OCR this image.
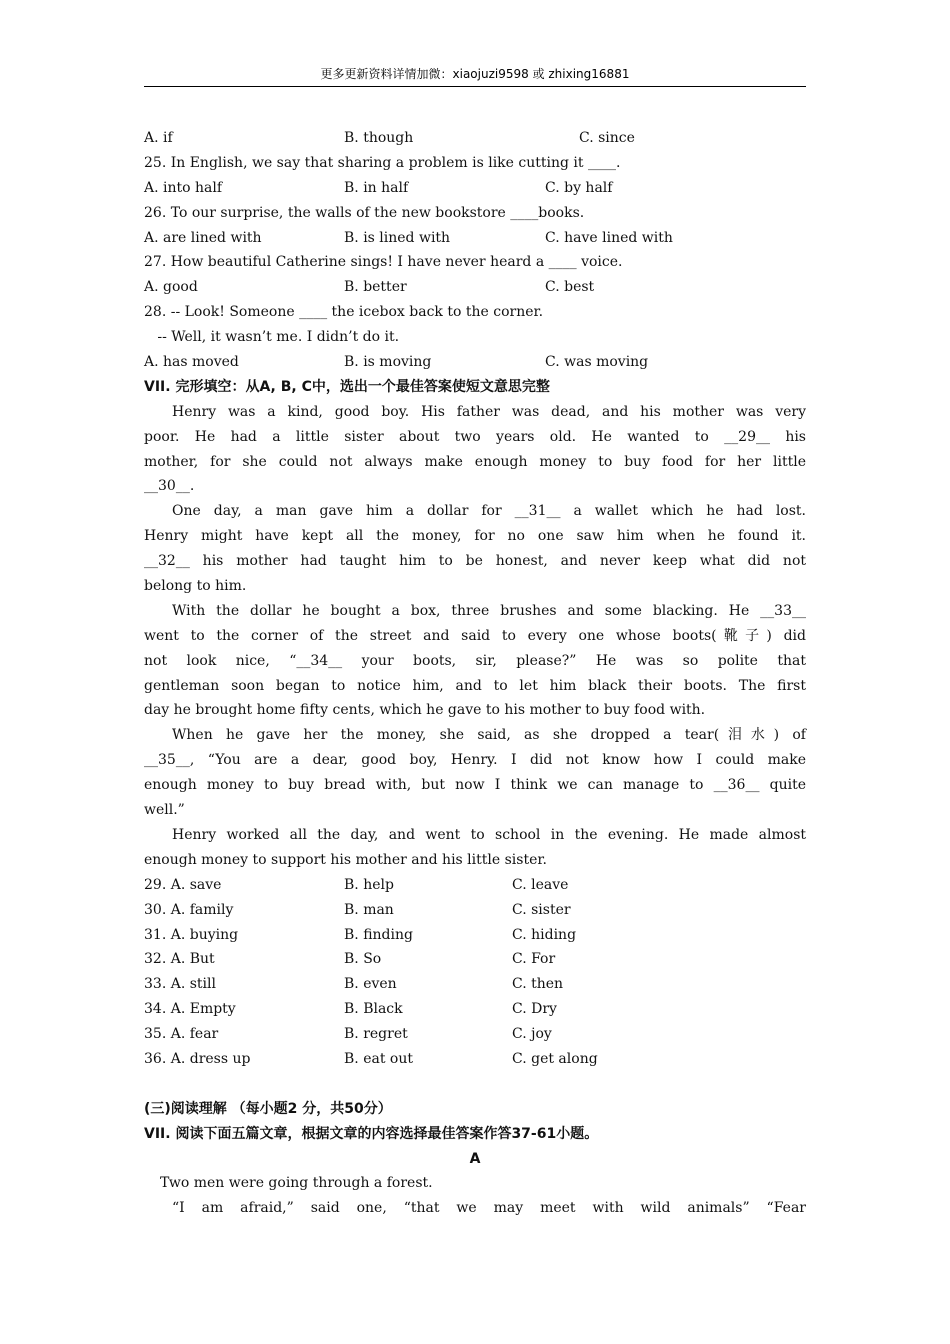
更多更新资料详情加微：xiaojuzi9598 或 zhixing16881

A. if

	B. though

	C. since

25. In English, we say that sharing a problem is like cutting it ____.

A. into half

	B. in half

	C. by half

26. To our surprise, the walls of the new bookstore ____books.

A. are lined with

	B. is lined with

	C. have lined with

27. How beautiful Catherine sings! I have never heard a ____ voice.

A. good

	B. better

	C. best

28. -- Look! Someone ____ the icebox back to the corner.
-- Well, it wasn’t me. I didn’t do it.

A. has moved

	B. is moving

	C. was moving

VII. 完形填空：从A, B, C中，选出一个最佳答案使短文意思完整
Henry was a kind, good boy. His father was dead, and his mother was very
poor. He had a little sister about two years old. He wanted to __29__ his
mother, for she could not always make enough money to buy food for her little
__30__.
One day, a man gave him a dollar for __31__ a wallet which he had lost.
Henry might have kept all the money, for no one saw him when he found it.
__32__ his mother had taught him to be honest, and never keep what did not
belong to him.
With the dollar he bought a box, three brushes and some blacking. He __33__
went to the corner of the street and said to every one whose boots(靴子) did
not look nice, “__34__ your boots, sir, please?” He was so polite that
gentleman soon began to notice him, and to let him black their boots. The first
day he brought home fifty cents, which he gave to his mother to buy food with.
When he gave her the money, she said, as she dropped a tear(泪水) of
__35__, “You are a dear, good boy, Henry. I did not know how I could make
enough money to buy bread with, but now I think we can manage to __36__ quite
well.”
Henry worked all the day, and went to school in the evening. He made almost
enough money to support his mother and his little sister.

29. A. save

	B. help

	C. leave

30. A. family

	B. man

	C. sister

31. A. buying

	B. finding

	C. hiding

32. A. But

	B. So

	C. For

33. A. still

	B. even

	C. then

34. A. Empty

	B. Black

	C. Dry

35. A. fear

	B. regret

	C. joy

36. A. dress up

	B. eat out

	C. get along

(三)阅读理解 （每小题2 分，共50分）
VII. 阅读下面五篇文章，根据文章的内容选择最佳答案作答37-61小题。
A
Two men were going through a forest.
“I am afraid,” said one, “that we may meet with wild animals” “Fear
